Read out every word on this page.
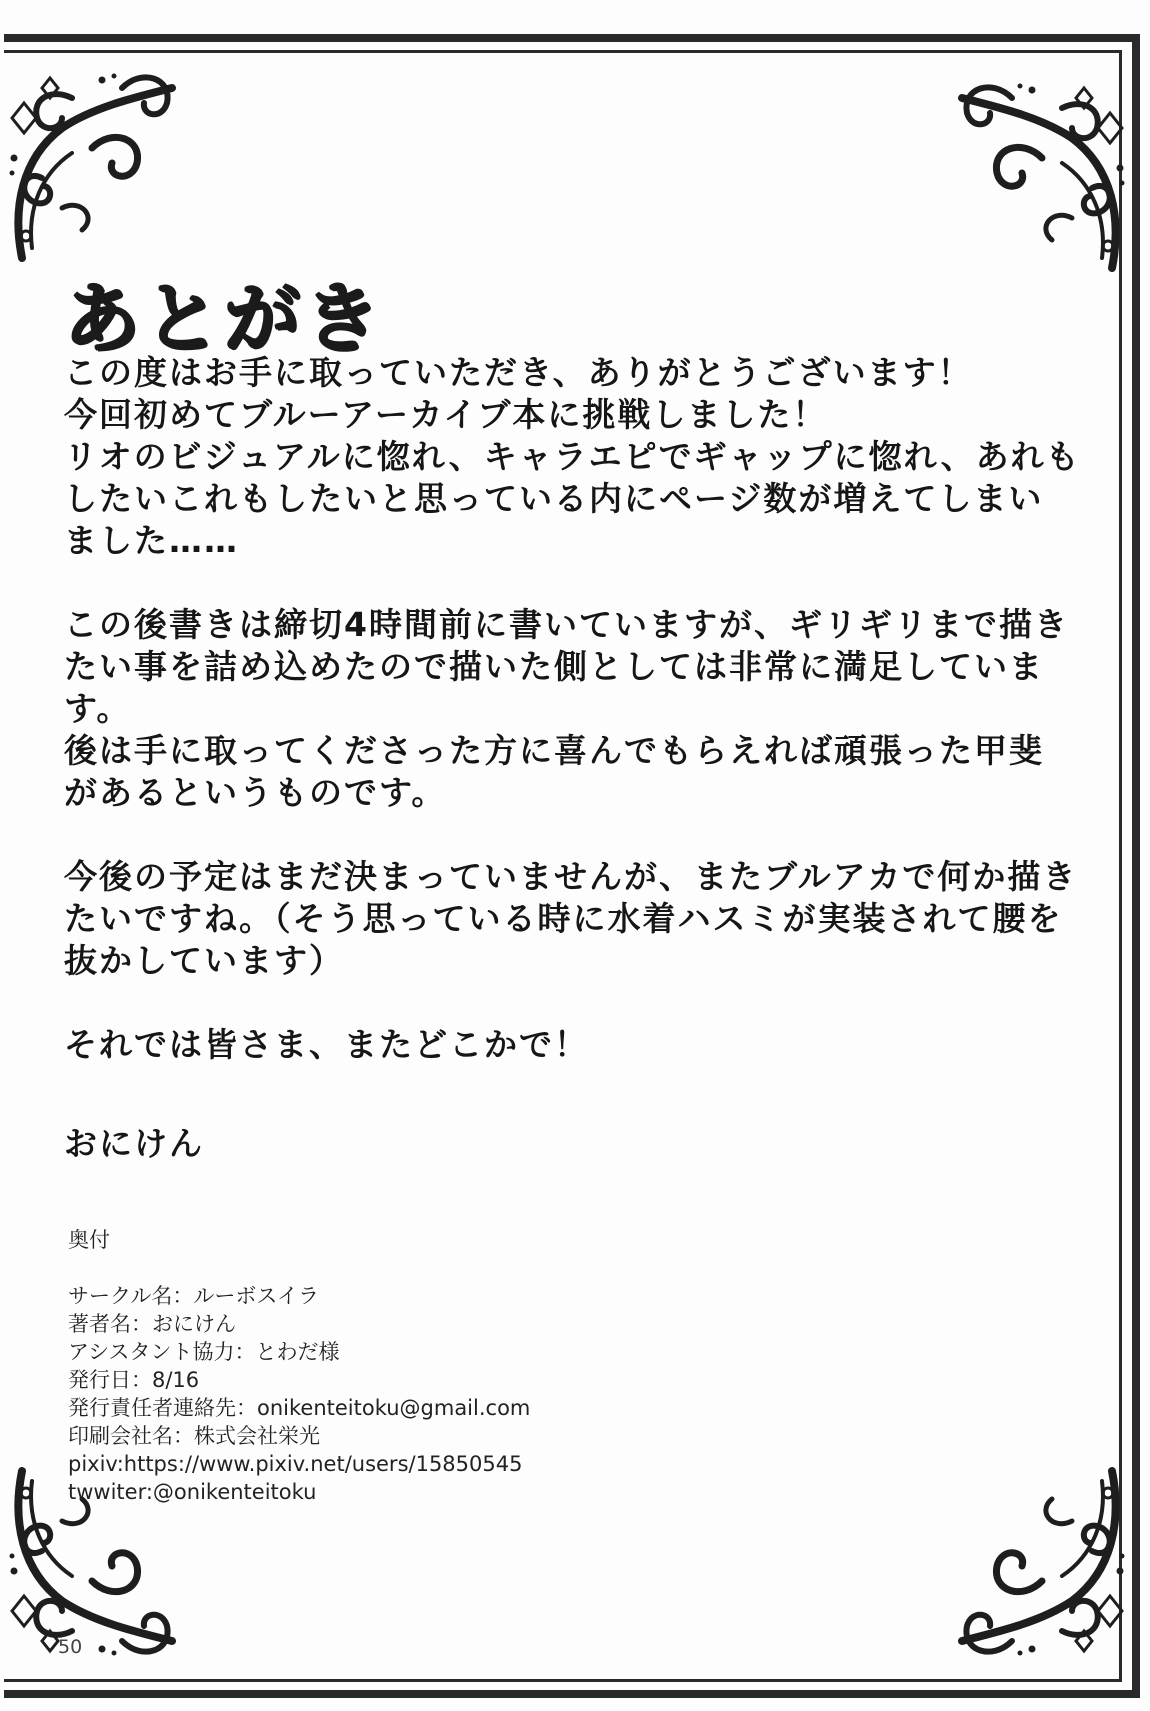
あとがき

この度はお手に取っていただき、ありがとうございます！
今回初めてブルーアーカイブ本に挑戦しました！
リオのビジュアルに惚れ、キャラエピでギャップに惚れ、あれも
したいこれもしたいと思っている内にページ数が増えてしまい
ました……

この後書きは締切4時間前に書いていますが、ギリギリまで描き
たい事を詰め込めたので描いた側としては非常に満足していま
す。
後は手に取ってくださった方に喜んでもらえれば頑張った甲斐
があるというものです。

今後の予定はまだ決まっていませんが、またブルアカで何か描き
たいですね。（そう思っている時に水着ハスミが実装されて腰を
抜かしています）

それでは皆さま、またどこかで！

おにけん
奥付
サークル名：ルーボスイラ
著者名：おにけん
アシスタント協力：とわだ様
発行日：8/16
発行責任者連絡先：onikenteitoku@gmail.com
印刷会社名：株式会社栄光
pixiv:https://www.pixiv.net/users/15850545
twwiter:@onikenteitoku
50
